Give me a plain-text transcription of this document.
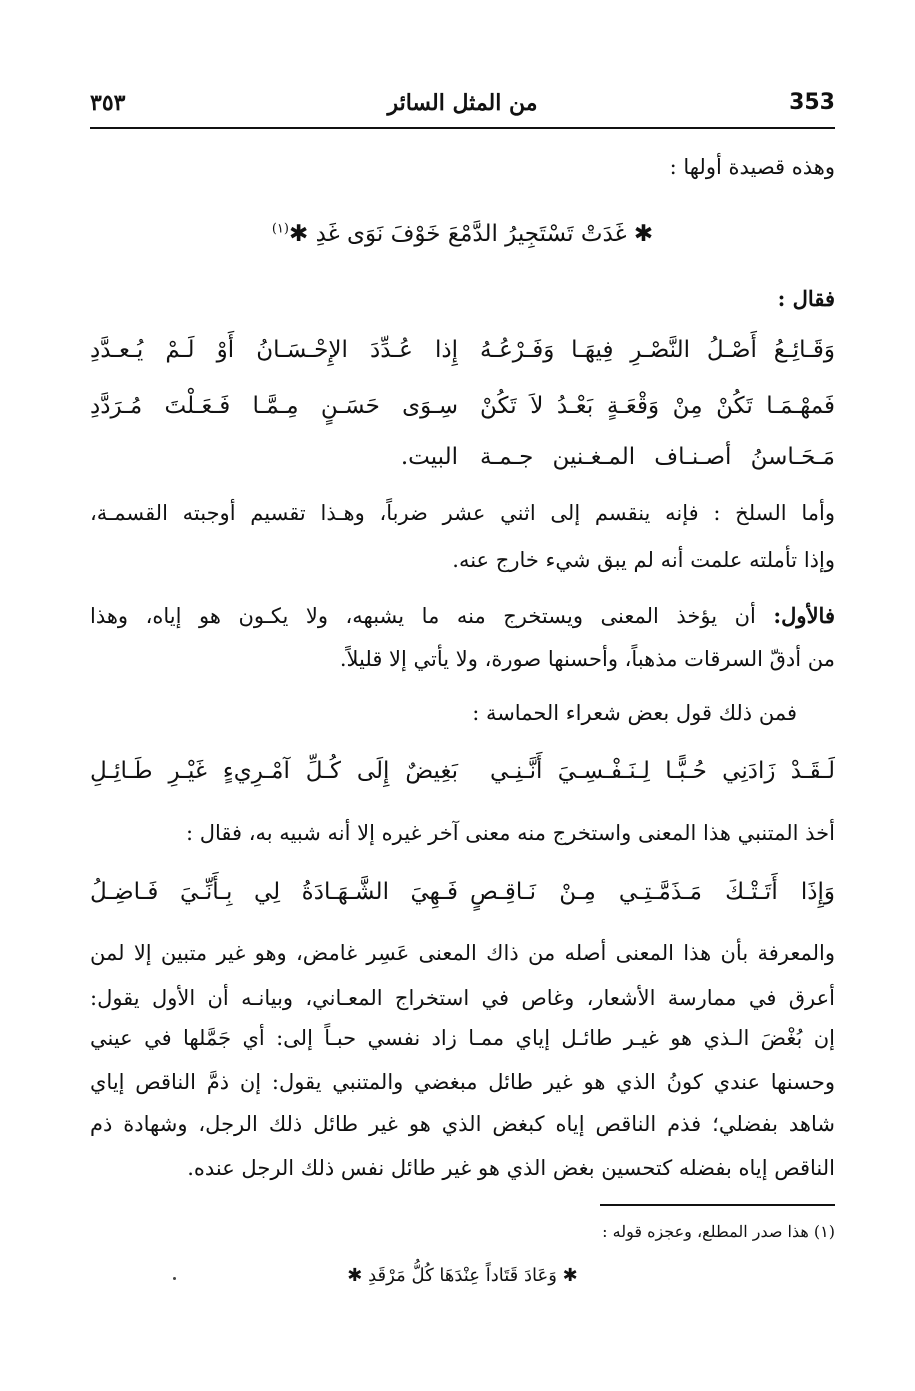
353
من المثل السائر
٣٥٣
وهذه قصيدة أولها :
✱ غَدَتْ تَسْتَجِيرُ الدَّمْعَ خَوْفَ نَوَى غَدِ ✱$^{(١)}$
فقال :
وَقَـائِـعُ أَصْـلُ النَّصْـرِ فِيهَـا وَفَـرْعُـهُ
إِذا عُـدِّدَ الإِحْـسَـانُ أَوْ لَـمْ يُـعـدَّدِ
فَمهْـمَـا تَكُنْ مِنْ وَقْعَـةٍ بَعْـدُ لاَ تَكُنْ
سِـوَى حَسَـنٍ مِـمَّـا فَـعَـلْتَ مُـرَدَّدِ
مَـحَـاسنُ أصـنـاف المـغـنين جـمـة
البيت.
وأما السلخ : فإنه ينقسم إلى اثني عشر ضرباً، وهـذا تقسيم أوجبته القسمـة،
وإذا تأملته علمت أنه لم يبق شيء خارج عنه.
فالأول: أن يؤخذ المعنى ويستخرج منه ما يشبهه، ولا يكـون هو إياه، وهذا
من أدقّ السرقات مذهباً، وأحسنها صورة، ولا يأتي إلا قليلاً.
فمن ذلك قول بعض شعراء الحماسة :
لَـقَـدْ زَادَنِي حُـبًّـا لِـنَـفْـسِـيَ أَنَّـنِـي
بَغِيضٌ إِلَى كُـلِّ آمْـرِيءٍ غَيْـرِ طَـائِـلِ
أخذ المتنبي هذا المعنى واستخرج منه معنى آخر غيره إلا أنه شبيه به، فقال :
وَإِذَا أَتَـتْـكَ مَـذَمَّـتِـي مِـنْ نَـاقِـصٍ
فَـهِيَ الشَّـهَـادَةُ لِي بِـأَنِّـيَ فَـاضِـلُ
والمعرفة بأن هذا المعنى أصله من ذاك المعنى عَسِر غامض، وهو غير متبين إلا لمن
أعرق في ممارسة الأشعار، وغاص في استخراج المعـاني، وبيانـه أن الأول يقول:
إن بُغْضَ الـذي هو غيـر طائـل إياي ممـا زاد نفسي حبـاً إلى: أي جَمَّلها في عيني
وحسنها عندي كونُ الذي هو غير طائل مبغضي والمتنبي يقول: إن ذمَّ الناقص إياي
شاهد بفضلي؛ فذم الناقص إياه كبغض الذي هو غير طائل ذلك الرجل، وشهادة ذم
الناقص إياه بفضله كتحسين بغض الذي هو غير طائل نفس ذلك الرجل عنده.
(١) هذا صدر المطلع، وعجزه قوله :
✱ وَعَادَ قَتَاداً عِنْدَهَا كُلُّ مَرْقَدِ ✱
